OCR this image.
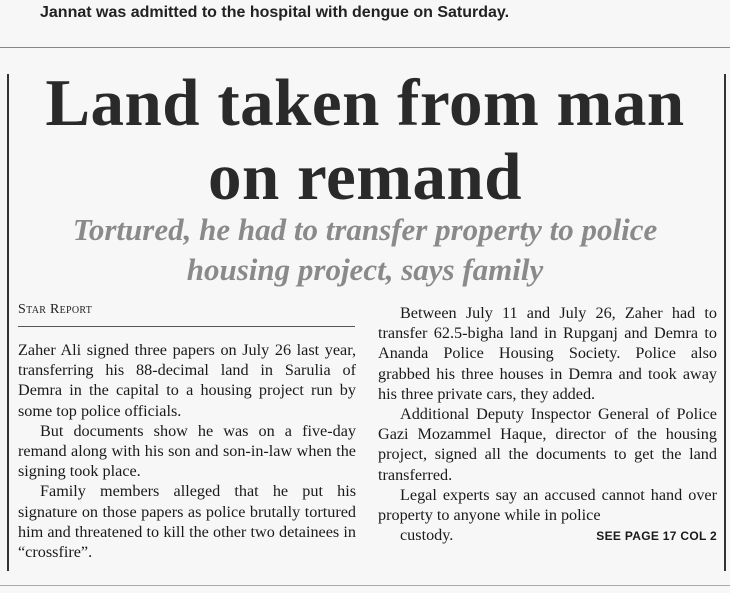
Jannat was admitted to the hospital with dengue on Saturday.
Land taken from man
on remand
Tortured, he had to transfer property to police
housing project, says family
Star Report

Zaher Ali signed three papers on July 26 last year, transferring his 88-decimal land in Sarulia of Demra in the capital to a housing project run by some top police officials.

But documents show he was on a five-day remand along with his son and son-in-law when the signing took place.

Family members alleged that he put his signature on those papers as police brutally tortured him and threatened to kill the other two detainees in “crossfire”.

Between July 11 and July 26, Zaher had to transfer 62.5-bigha land in Rupganj and Demra to Ananda Police Housing Society. Police also grabbed his three houses in Demra and took away his three private cars, they added.

Additional Deputy Inspector General of Police Gazi Mozammel Haque, director of the housing project, signed all the documents to get the land transferred.

Legal experts say an accused cannot hand over property to anyone while in police

custody.	SEE PAGE 17 COL 2
